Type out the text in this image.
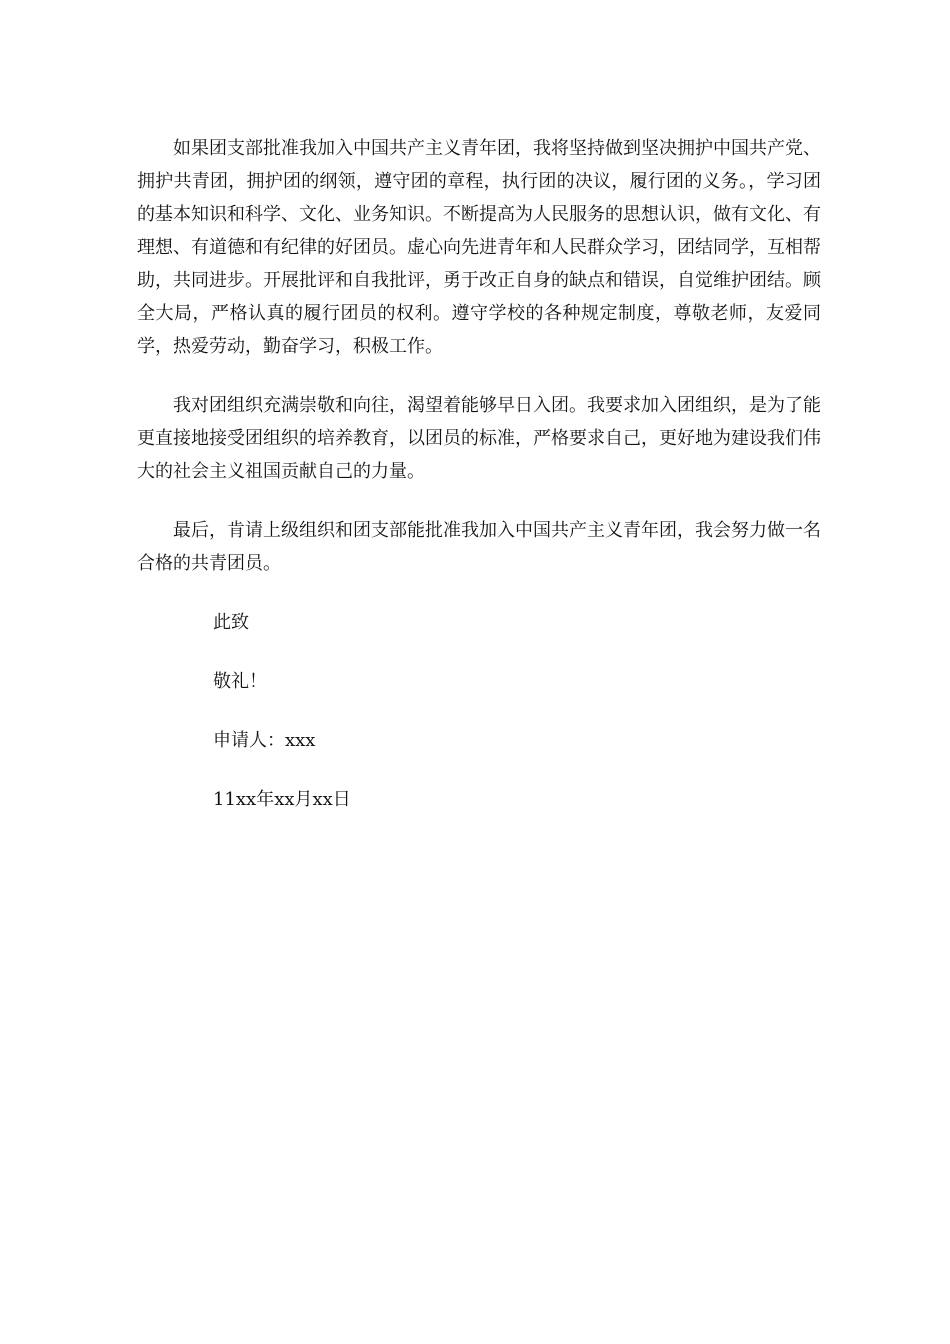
如果团支部批准我加入中国共产主义青年团，我将坚持做到坚决拥护中国共产党、拥护共青团，拥护团的纲领，遵守团的章程，执行团的决议，履行团的义务。，学习团的基本知识和科学、文化、业务知识。不断提高为人民服务的思想认识，做有文化、有理想、有道德和有纪律的好团员。虚心向先进青年和人民群众学习，团结同学，互相帮助，共同进步。开展批评和自我批评，勇于改正自身的缺点和错误，自觉维护团结。顾全大局，严格认真的履行团员的权利。遵守学校的各种规定制度，尊敬老师，友爱同学，热爱劳动，勤奋学习，积极工作。

我对团组织充满崇敬和向往，渴望着能够早日入团。我要求加入团组织，是为了能更直接地接受团组织的培养教育，以团员的标准，严格要求自己，更好地为建设我们伟大的社会主义祖国贡献自己的力量。

最后，肯请上级组织和团支部能批准我加入中国共产主义青年团，我会努力做一名合格的共青团员。

此致
敬礼！
申请人：xxx
11xx年xx月xx日
